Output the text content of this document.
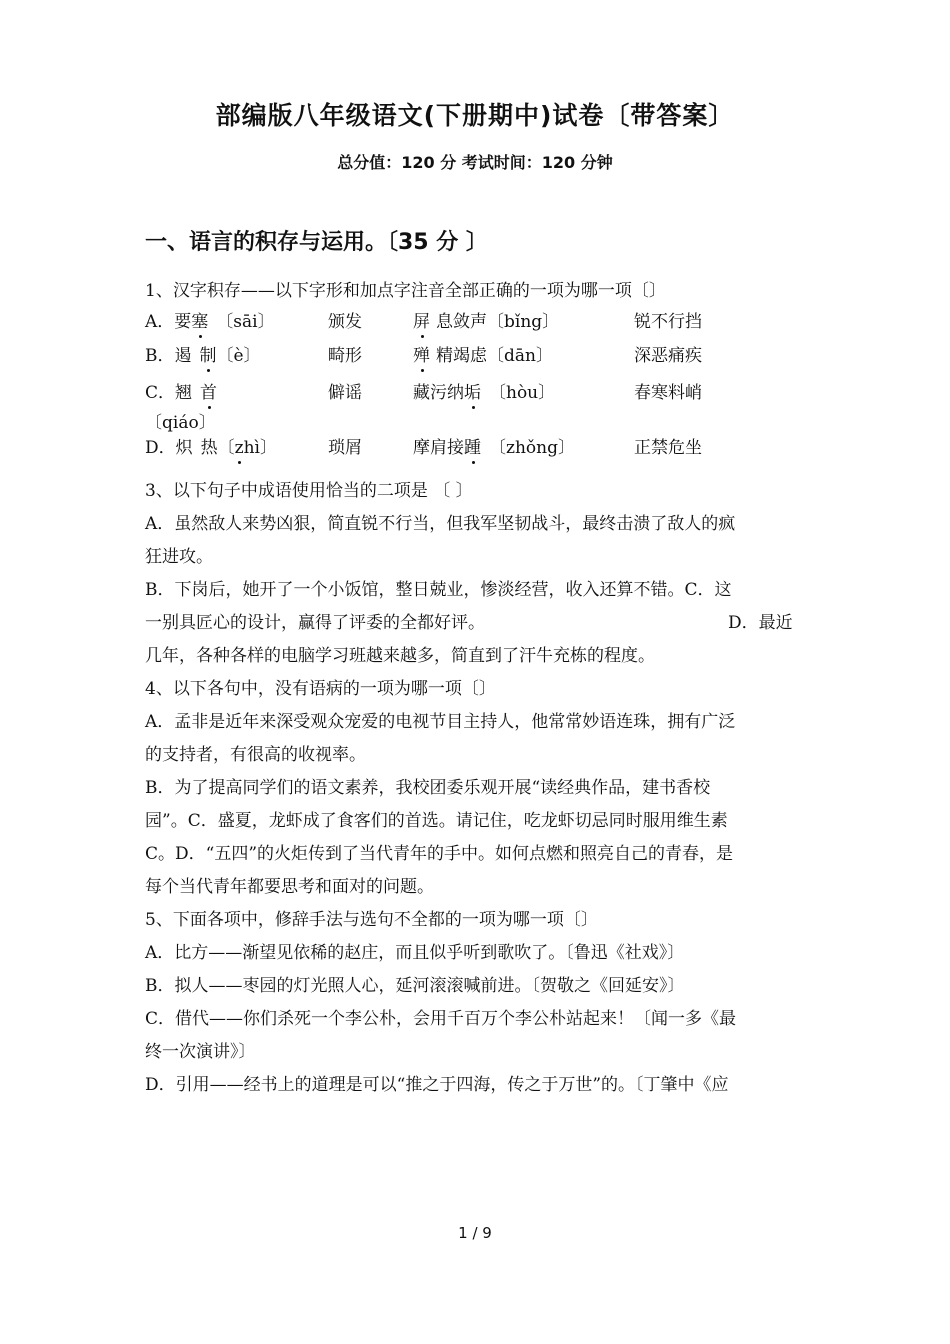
部编版八年级语文(下册期中)试卷〔带答案〕
总分值：120 分 考试时间：120 分钟
一、语言的积存与运用。〔35 分 〕
1、汉字积存——以下字形和加点字注音全部正确的一项为哪一项〔〕
A．要塞 〔sāi〕	颁发	屏 息敛声〔bǐng〕	锐不行挡
B．遏 制〔è〕	畸形	殚 精竭虑〔dān〕	深恶痛疾
C．翘 首	僻谣	藏污纳垢 〔hòu〕	春寒料峭
〔qiáo〕
D．炽 热〔zhì〕	琐屑	摩肩接踵 〔zhǒng〕	正禁危坐
3、以下句子中成语使用恰当的二项是 〔 〕
A．虽然敌人来势凶狠，简直锐不行当，但我军坚韧战斗，最终击溃了敌人的疯
狂进攻。
B．下岗后，她开了一个小饭馆，整日兢业，惨淡经营，收入还算不错。C．这
一别具匠心的设计，赢得了评委的全都好评。	D．最近
几年，各种各样的电脑学习班越来越多，简直到了汗牛充栋的程度。
4、以下各句中，没有语病的一项为哪一项〔〕
A．孟非是近年来深受观众宠爱的电视节目主持人，他常常妙语连珠，拥有广泛
的支持者，有很高的收视率。
B．为了提高同学们的语文素养，我校团委乐观开展“读经典作品，建书香校
园”。C．盛夏，龙虾成了食客们的首选。请记住，吃龙虾切忌同时服用维生素
C。D．“五四”的火炬传到了当代青年的手中。如何点燃和照亮自己的青春，是
每个当代青年都要思考和面对的问题。
5、下面各项中，修辞手法与选句不全都的一项为哪一项〔〕
A．比方——渐望见依稀的赵庄，而且似乎听到歌吹了。〔鲁迅《社戏》〕
B．拟人——枣园的灯光照人心，延河滚滚喊前进。〔贺敬之《回延安》〕
C．借代——你们杀死一个李公朴，会用千百万个李公朴站起来！〔闻一多《最
终一次演讲》〕
D．引用——经书上的道理是可以“推之于四海，传之于万世”的。〔丁肇中《应
1 / 9
